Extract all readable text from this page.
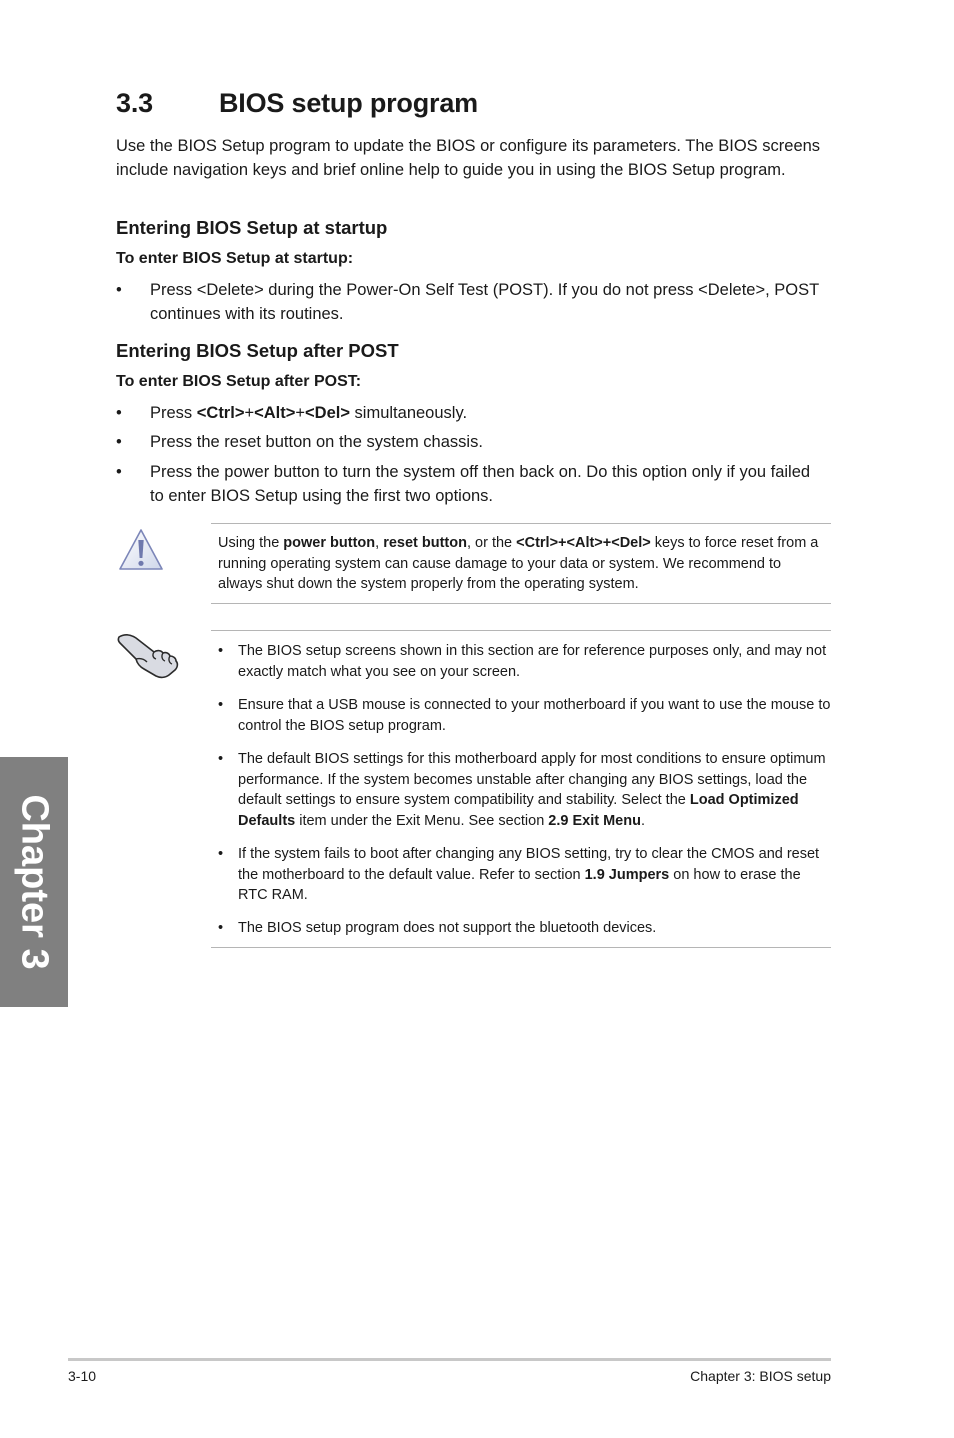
3.3 BIOS setup program
Use the BIOS Setup program to update the BIOS or configure its parameters. The BIOS screens include navigation keys and brief online help to guide you in using the BIOS Setup program.
Entering BIOS Setup at startup
To enter BIOS Setup at startup:
• Press <Delete> during the Power-On Self Test (POST). If you do not press <Delete>, POST continues with its routines.
Entering BIOS Setup after POST
To enter BIOS Setup after POST:
• Press <Ctrl>+<Alt>+<Del> simultaneously.
• Press the reset button on the system chassis.
• Press the power button to turn the system off then back on. Do this option only if you failed to enter BIOS Setup using the first two options.
Using the power button, reset button, or the <Ctrl>+<Alt>+<Del> keys to force reset from a running operating system can cause damage to your data or system. We recommend to always shut down the system properly from the operating system.
• The BIOS setup screens shown in this section are for reference purposes only, and may not exactly match what you see on your screen.
• Ensure that a USB mouse is connected to your motherboard if you want to use the mouse to control the BIOS setup program.
• The default BIOS settings for this motherboard apply for most conditions to ensure optimum performance. If the system becomes unstable after changing any BIOS settings, load the default settings to ensure system compatibility and stability. Select the Load Optimized Defaults item under the Exit Menu. See section 2.9 Exit Menu.
• If the system fails to boot after changing any BIOS setting, try to clear the CMOS and reset the motherboard to the default value. Refer to section 1.9 Jumpers on how to erase the RTC RAM.
• The BIOS setup program does not support the bluetooth devices.
Chapter 3
3-10	Chapter 3: BIOS setup
